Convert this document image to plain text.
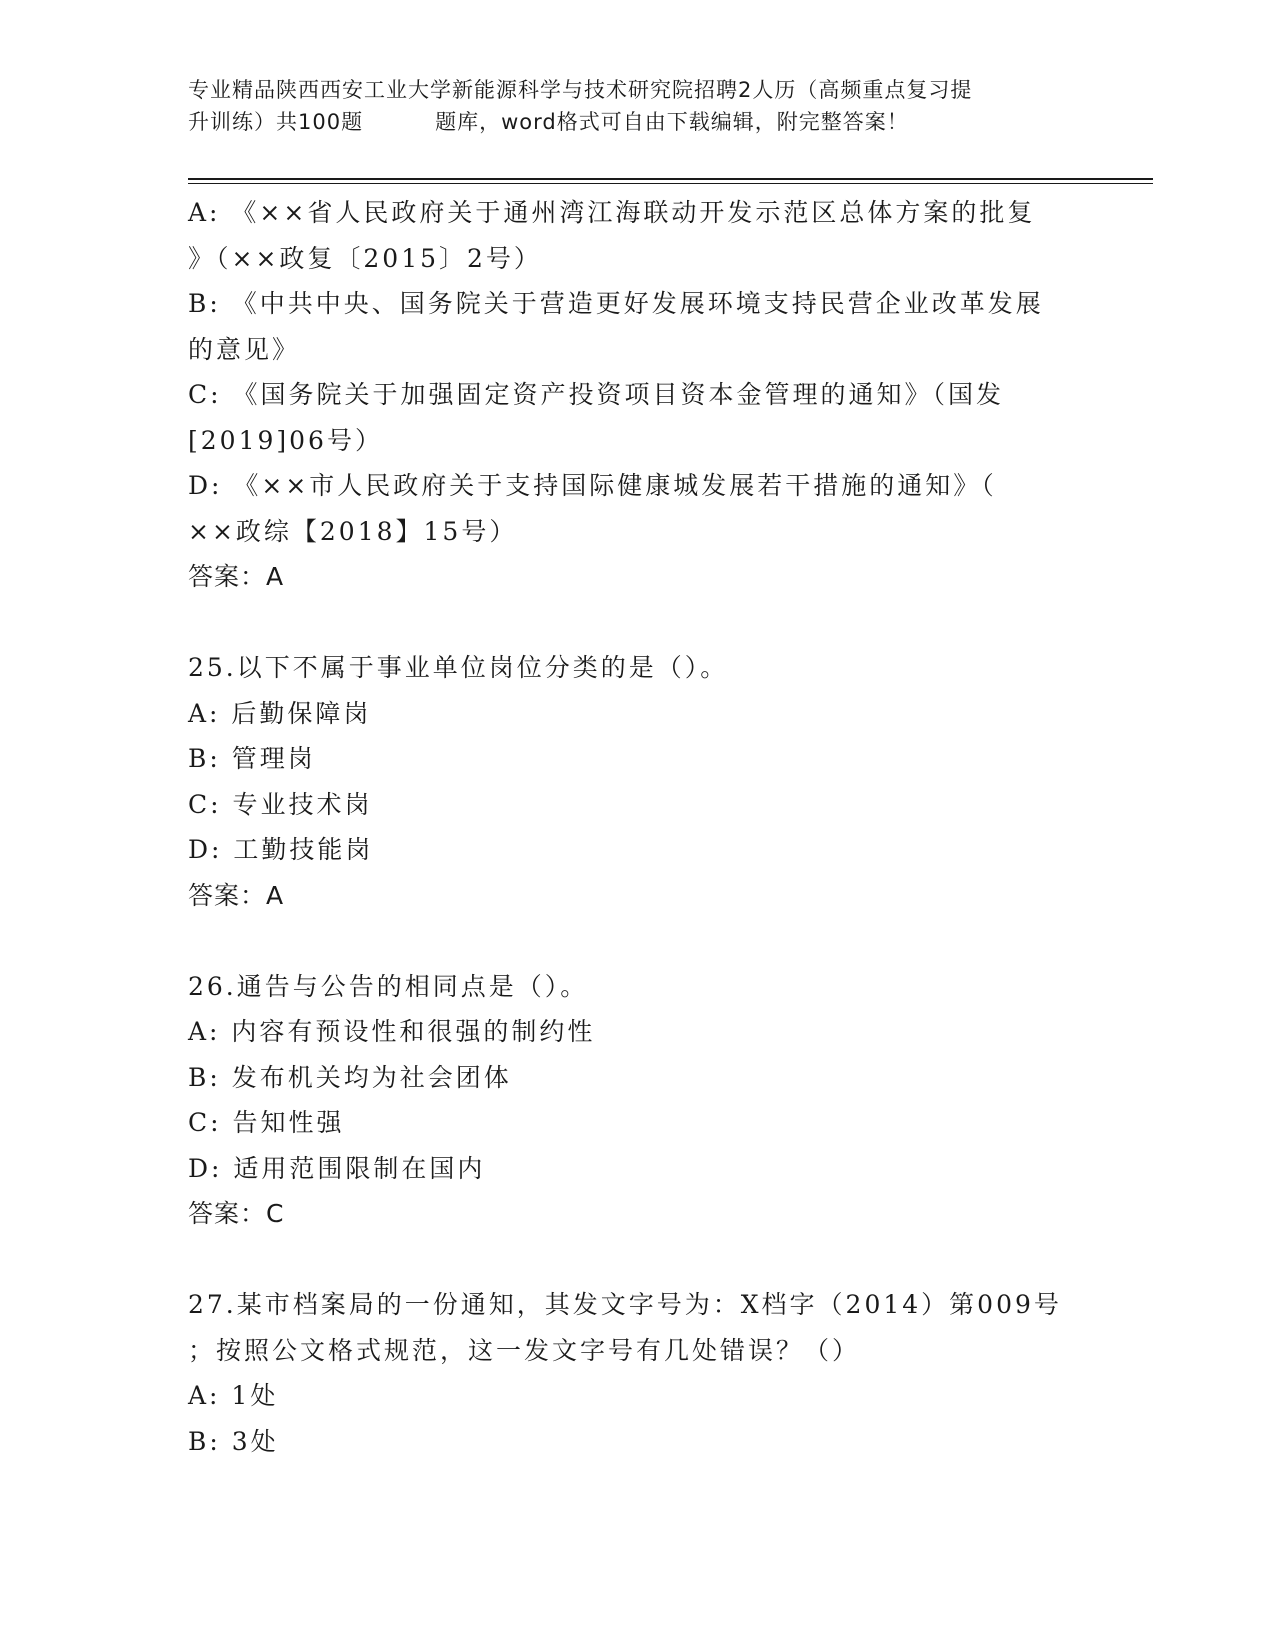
专业精品陕西西安工业大学新能源科学与技术研究院招聘2人历（高频重点复习提
升训练）共100题	题库，word格式可自由下载编辑，附完整答案！
A: 《××省人民政府关于通州湾江海联动开发示范区总体方案的批复
》（××政复〔2015〕2号）
B: 《中共中央、国务院关于营造更好发展环境支持民营企业改革发展
的意见》
C: 《国务院关于加强固定资产投资项目资本金管理的通知》（国发
[2019]06号）
D: 《××市人民政府关于支持国际健康城发展若干措施的通知》（
××政综【2018】15号）
答案：A
25.以下不属于事业单位岗位分类的是（）。
A: 后勤保障岗
B: 管理岗
C: 专业技术岗
D: 工勤技能岗
答案：A
26.通告与公告的相同点是（）。
A: 内容有预设性和很强的制约性
B: 发布机关均为社会团体
C: 告知性强
D: 适用范围限制在国内
答案：C
27.某市档案局的一份通知，其发文字号为：X档字（2014）第009号
；按照公文格式规范，这一发文字号有几处错误？（）
A: 1处
B: 3处
